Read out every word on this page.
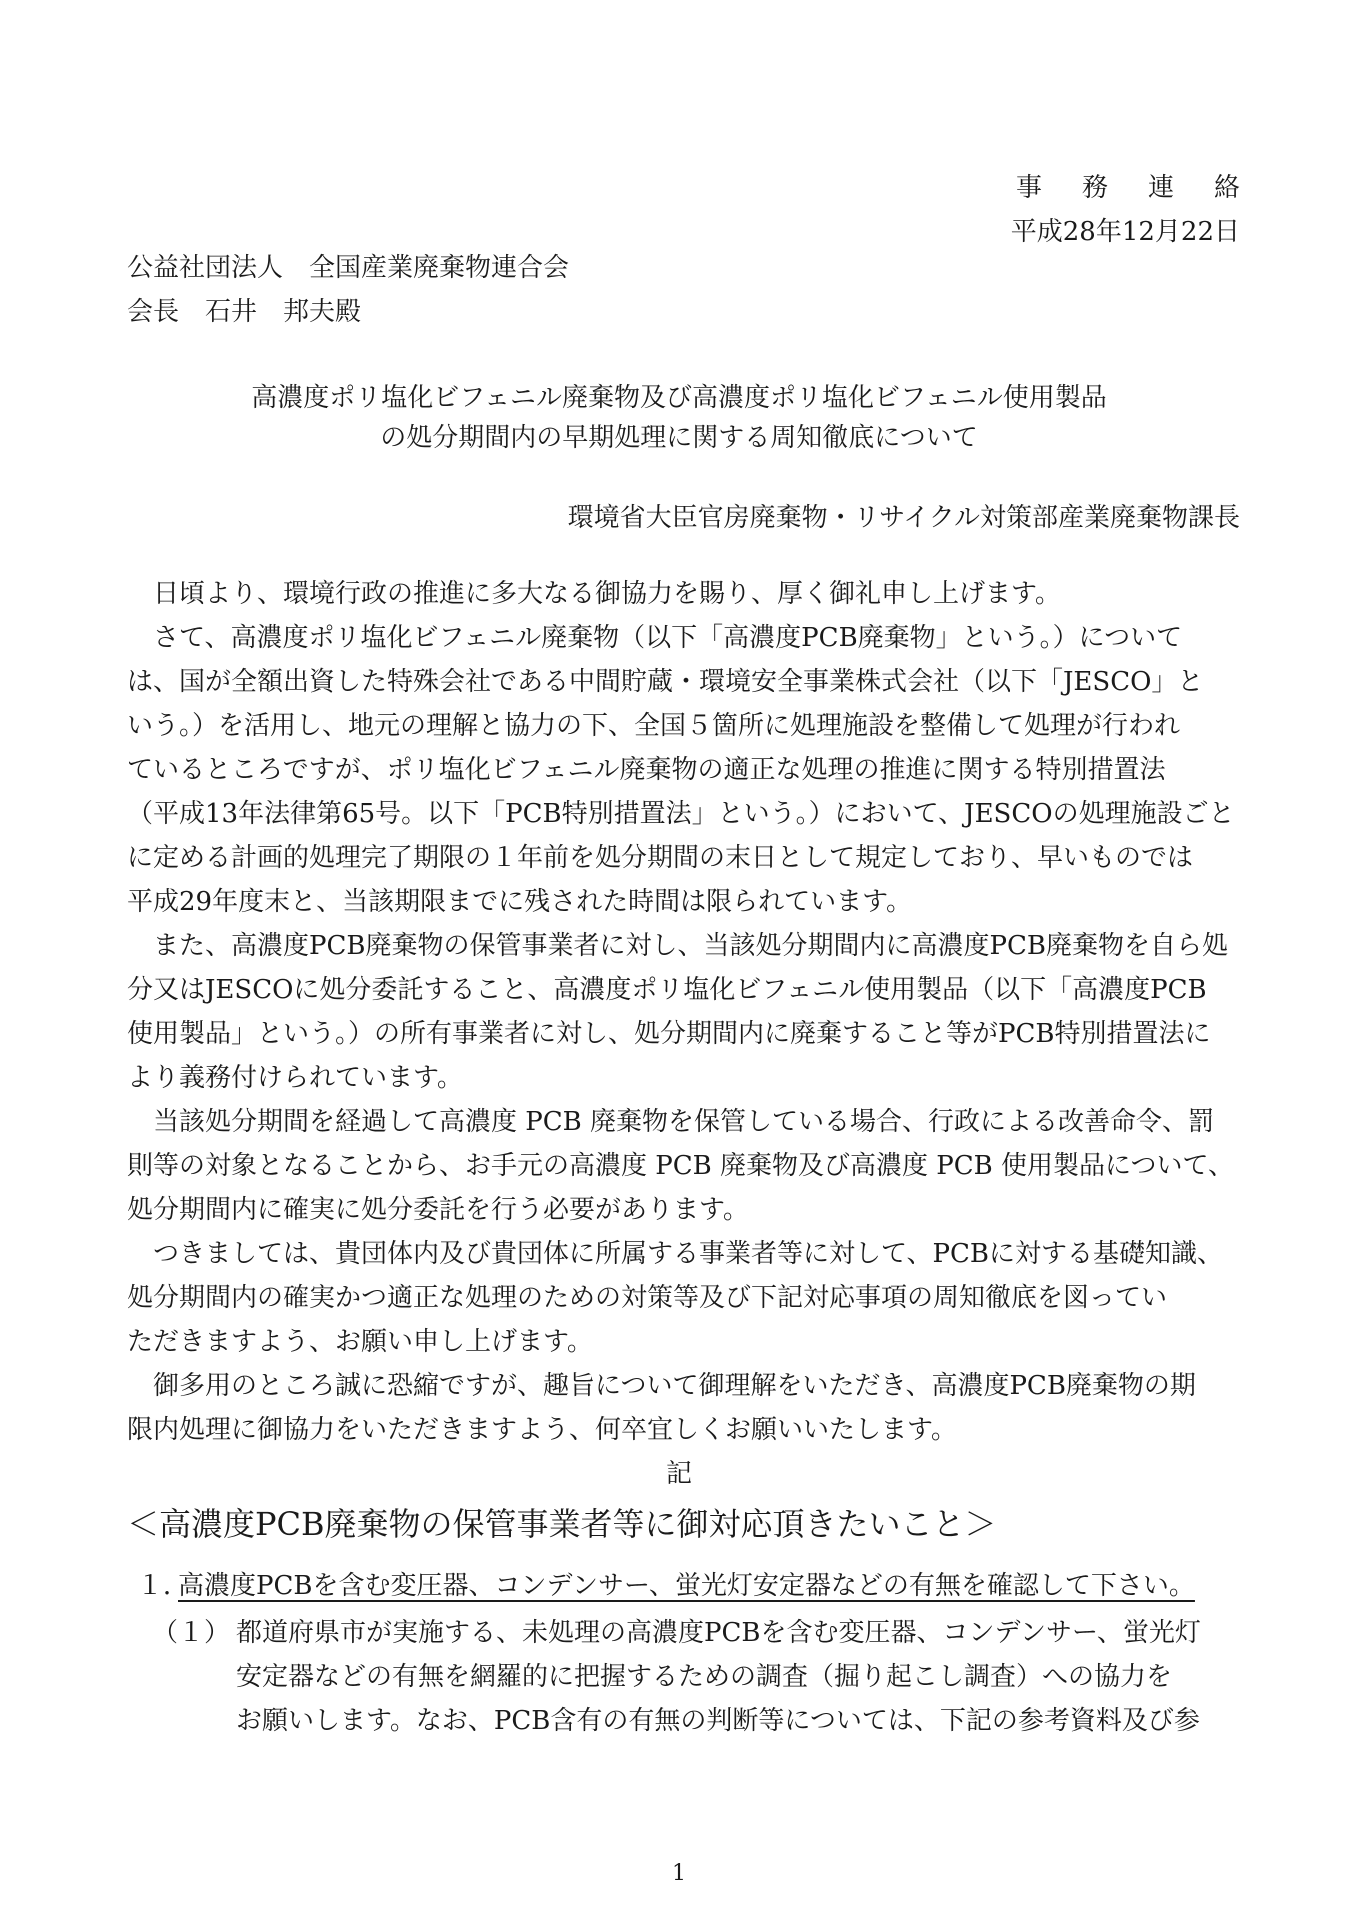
事務連絡
平成28年12月22日
公益社団法人　全国産業廃棄物連合会
会長　石井　邦夫殿
高濃度ポリ塩化ビフェニル廃棄物及び高濃度ポリ塩化ビフェニル使用製品
の処分期間内の早期処理に関する周知徹底について
環境省大臣官房廃棄物・リサイクル対策部産業廃棄物課長
　日頃より、環境行政の推進に多大なる御協力を賜り、厚く御礼申し上げます。
　さて、高濃度ポリ塩化ビフェニル廃棄物（以下「高濃度PCB廃棄物」という。）について
は、国が全額出資した特殊会社である中間貯蔵・環境安全事業株式会社（以下「JESCO」と
いう。）を活用し、地元の理解と協力の下、全国５箇所に処理施設を整備して処理が行われ
ているところですが、ポリ塩化ビフェニル廃棄物の適正な処理の推進に関する特別措置法
（平成13年法律第65号。以下「PCB特別措置法」という。）において、JESCOの処理施設ごと
に定める計画的処理完了期限の１年前を処分期間の末日として規定しており、早いものでは
平成29年度末と、当該期限までに残された時間は限られています。
　また、高濃度PCB廃棄物の保管事業者に対し、当該処分期間内に高濃度PCB廃棄物を自ら処
分又はJESCOに処分委託すること、高濃度ポリ塩化ビフェニル使用製品（以下「高濃度PCB
使用製品」という。）の所有事業者に対し、処分期間内に廃棄すること等がPCB特別措置法に
より義務付けられています。
　当該処分期間を経過して高濃度 PCB 廃棄物を保管している場合、行政による改善命令、罰
則等の対象となることから、お手元の高濃度 PCB 廃棄物及び高濃度 PCB 使用製品について、
処分期間内に確実に処分委託を行う必要があります。
　つきましては、貴団体内及び貴団体に所属する事業者等に対して、PCBに対する基礎知識、
処分期間内の確実かつ適正な処理のための対策等及び下記対応事項の周知徹底を図ってい
ただきますよう、お願い申し上げます。
　御多用のところ誠に恐縮ですが、趣旨について御理解をいただき、高濃度PCB廃棄物の期
限内処理に御協力をいただきますよう、何卒宜しくお願いいたします。
記
＜高濃度PCB廃棄物の保管事業者等に御対応頂きたいこと＞
１．
高濃度PCBを含む変圧器、コンデンサー、蛍光灯安定器などの有無を確認して下さい。
（１） 都道府県市が実施する、未処理の高濃度PCBを含む変圧器、コンデンサー、蛍光灯
安定器などの有無を網羅的に把握するための調査（掘り起こし調査）への協力を
お願いします。なお、PCB含有の有無の判断等については、下記の参考資料及び参
1
